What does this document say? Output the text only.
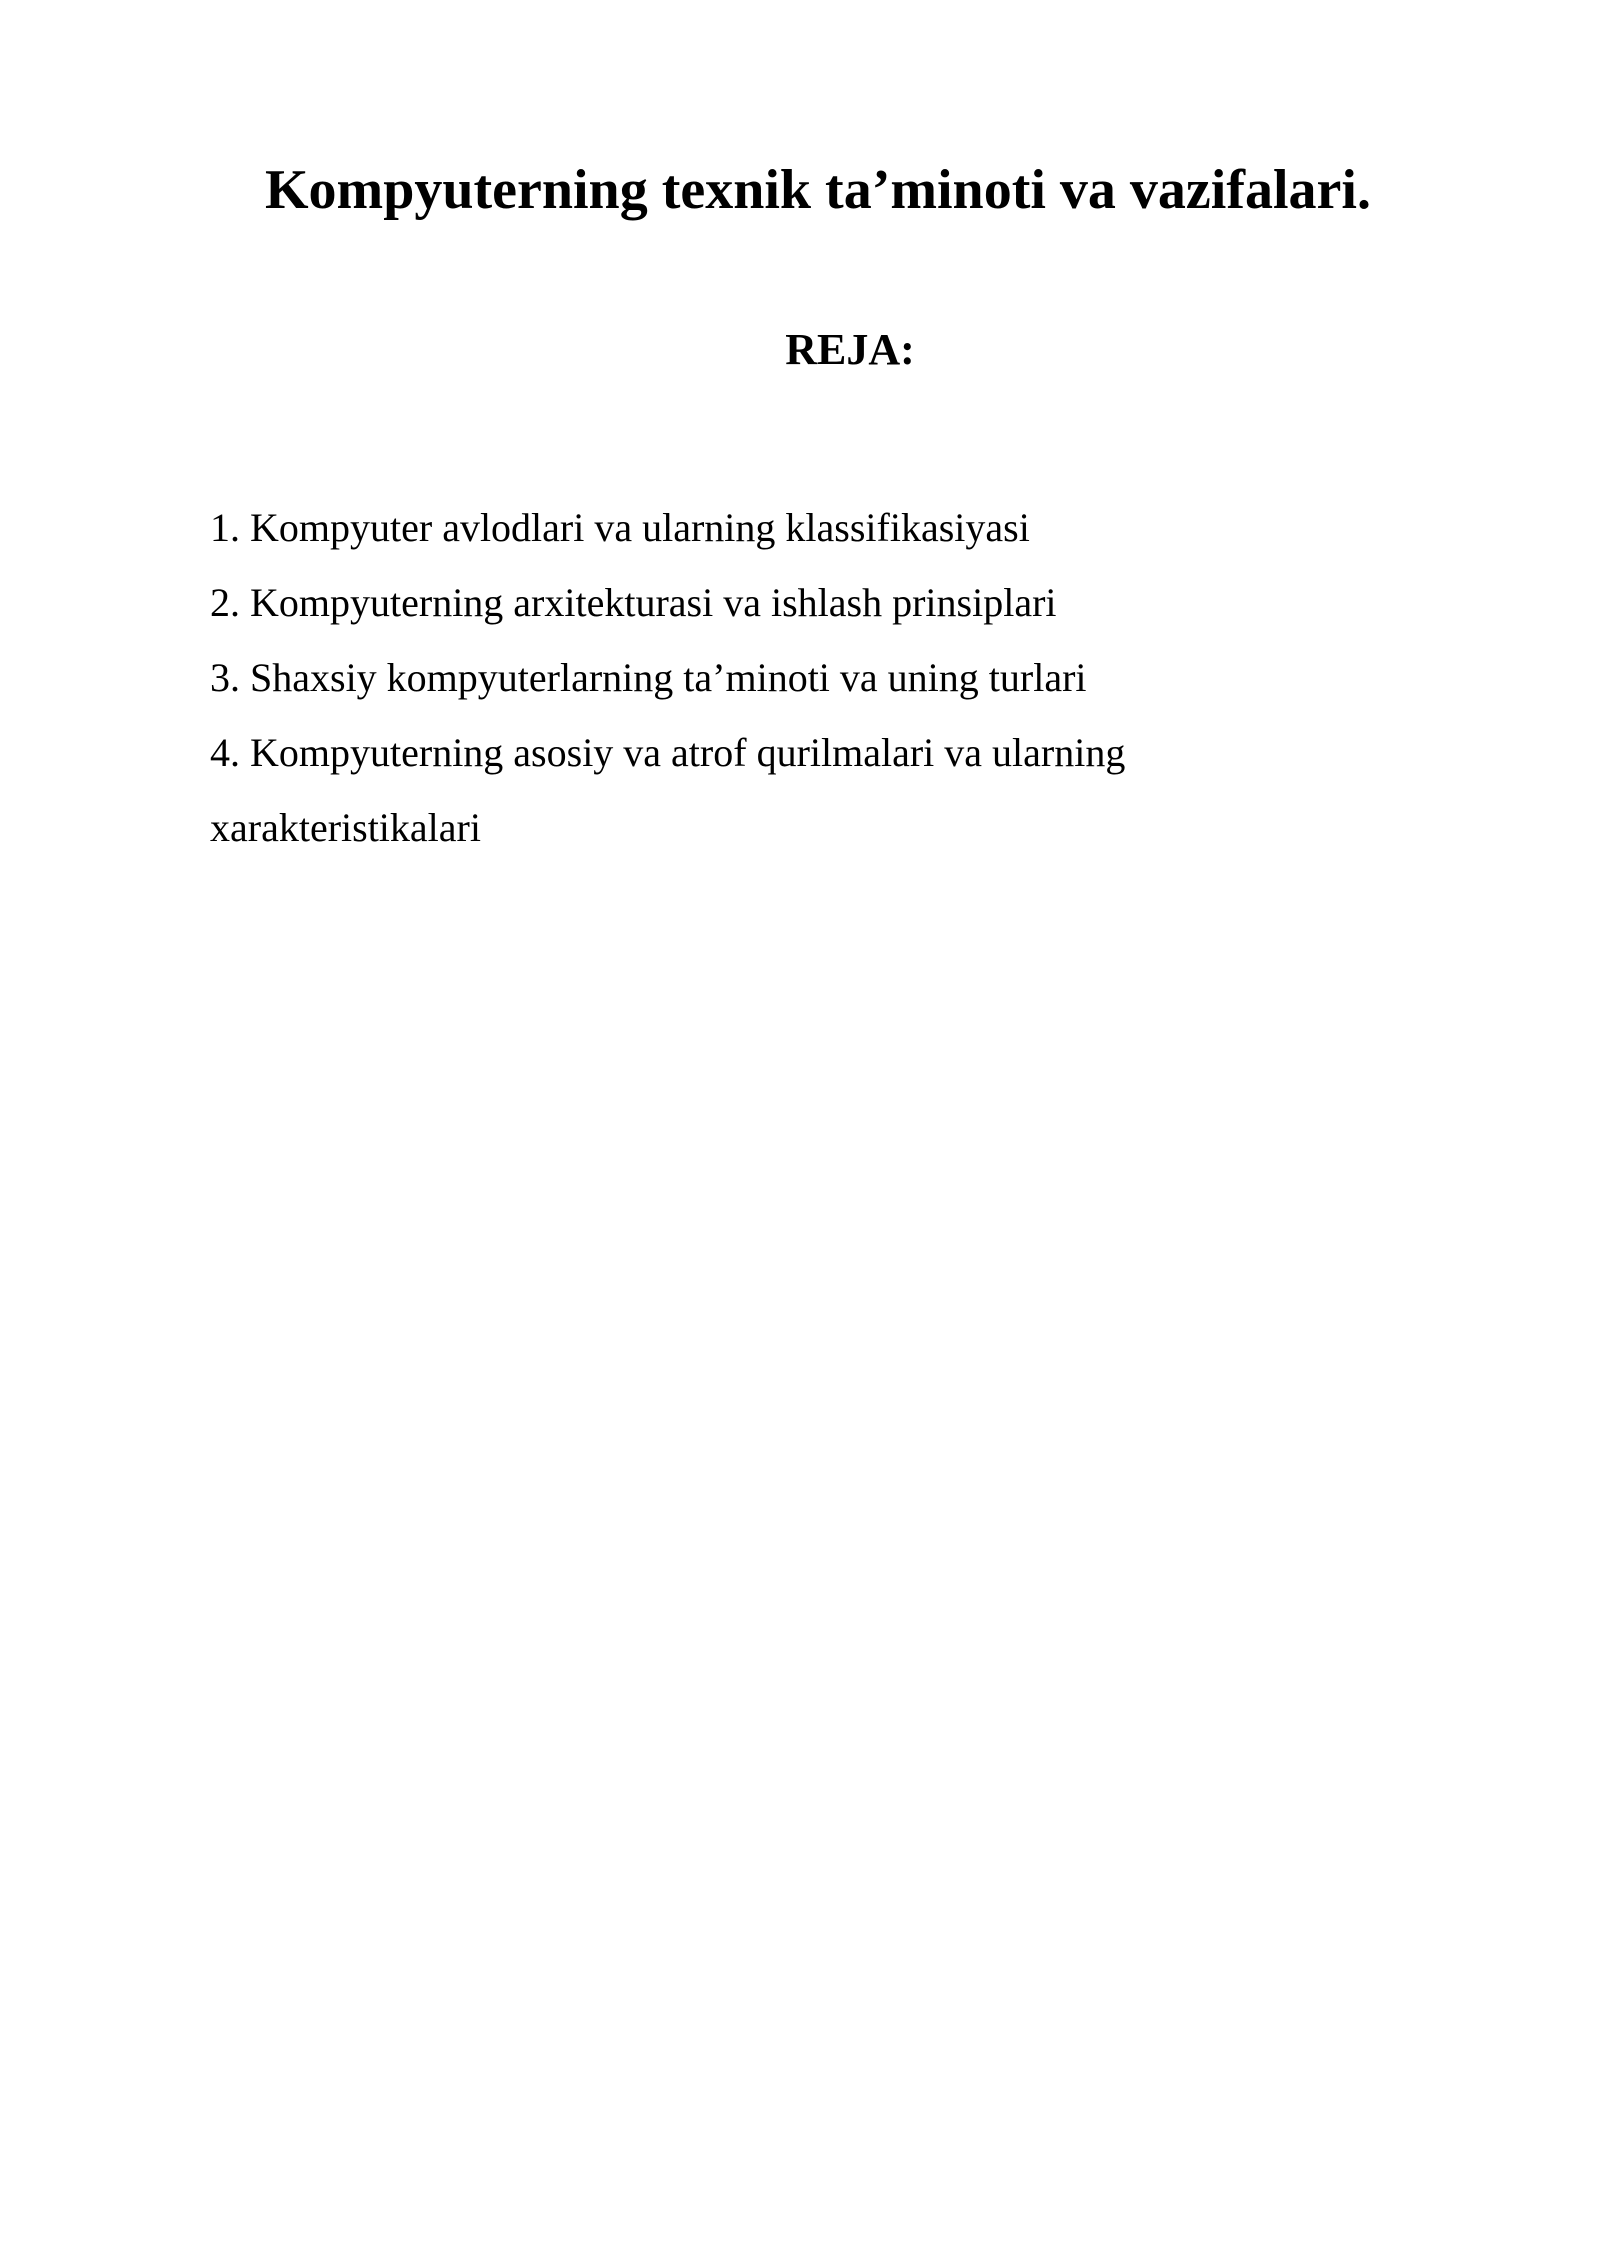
Kompyuterning texnik ta’minoti va vazifalari.
REJA:
1. Kompyuter avlodlari va ularning klassifikasiyasi
2. Kompyuterning arxitekturasi va ishlash prinsiplari
3. Shaxsiy kompyuterlarning ta’minoti va uning turlari
4. Kompyuterning asosiy va atrof qurilmalari va ularning
xarakteristikalari
